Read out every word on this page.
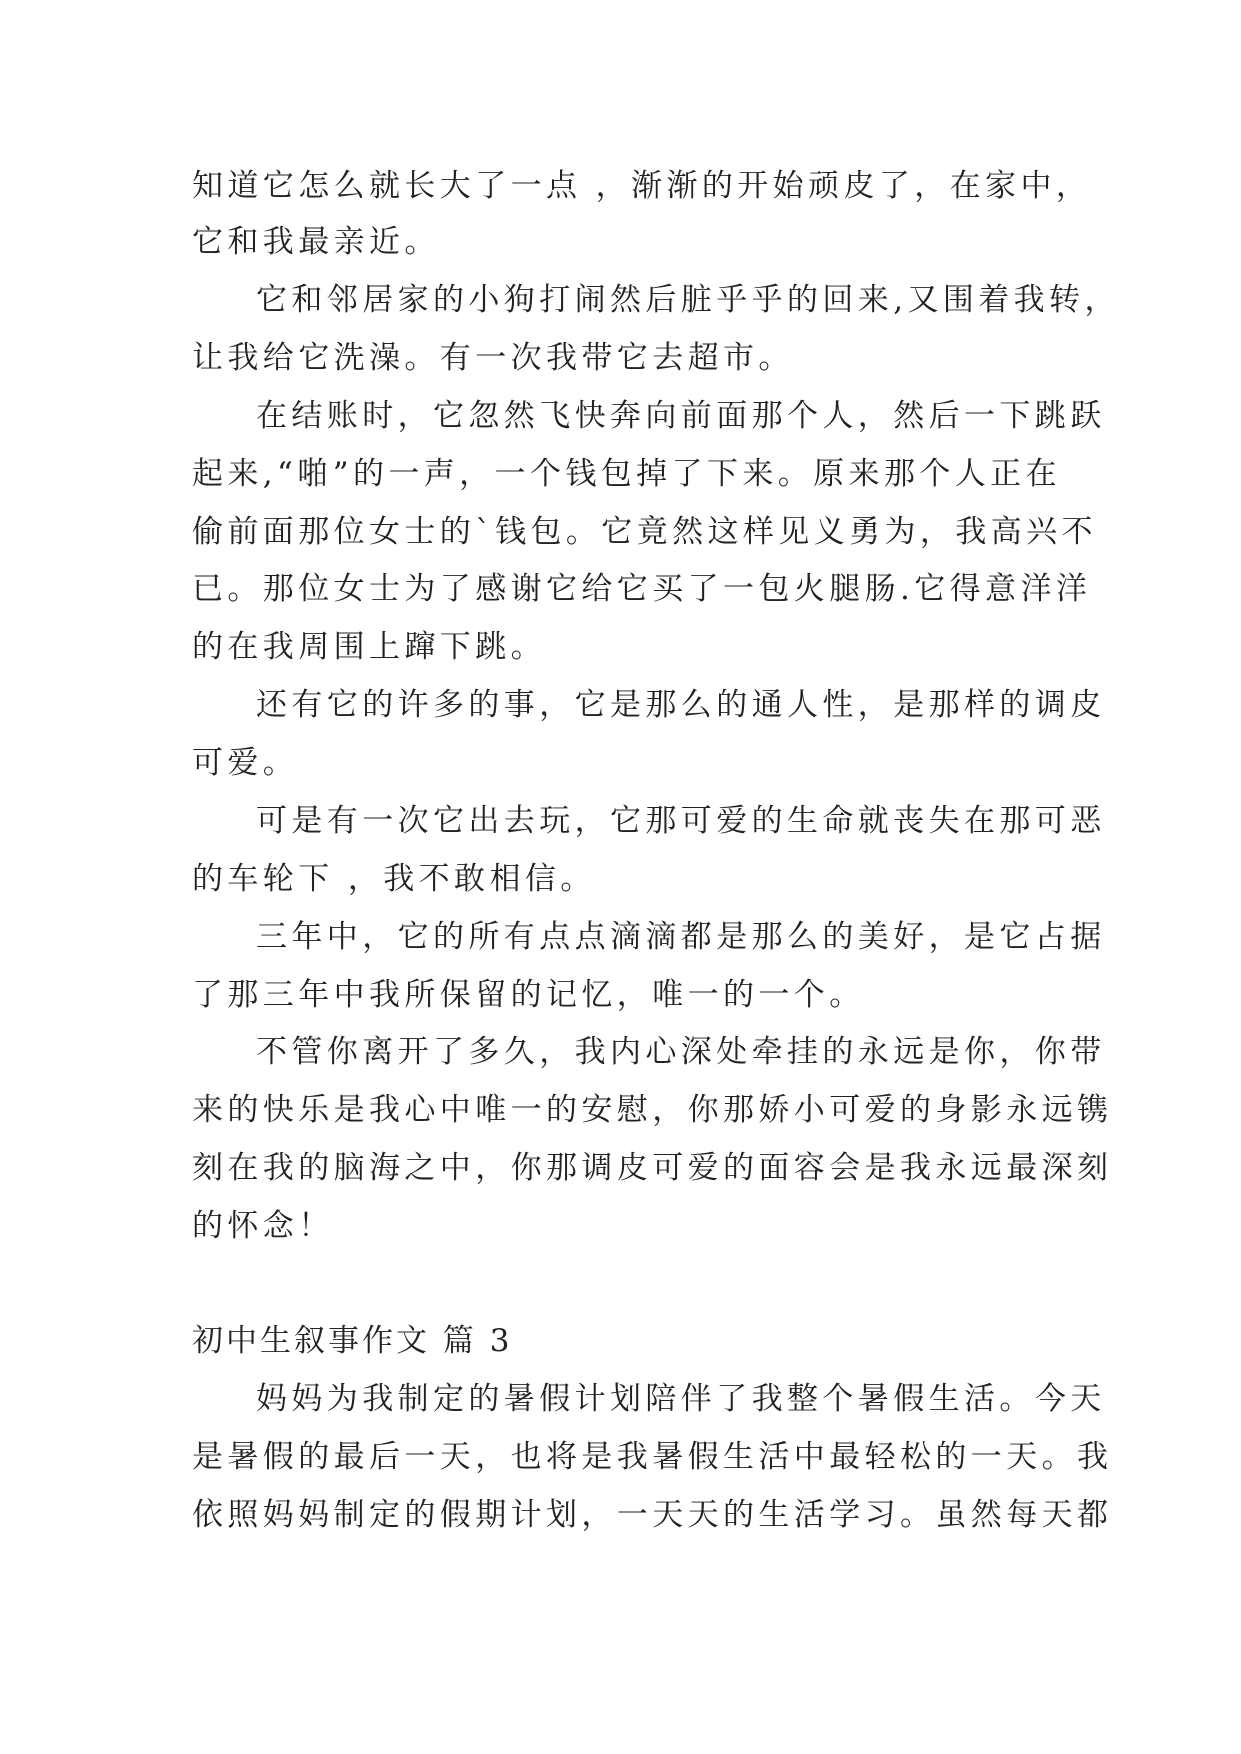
知道它怎么就长大了一点 ，渐渐的开始顽皮了，在家中，
它和我最亲近。
它和邻居家的小狗打闹然后脏乎乎的回来,又围着我转，
让我给它洗澡。有一次我带它去超市。
在结账时，它忽然飞快奔向前面那个人，然后一下跳跃
起来,“啪”的一声，一个钱包掉了下来。原来那个人正在
偷前面那位女士的`钱包。它竟然这样见义勇为，我高兴不
已。那位女士为了感谢它给它买了一包火腿肠.它得意洋洋
的在我周围上蹿下跳。
还有它的许多的事，它是那么的通人性，是那样的调皮
可爱。
可是有一次它出去玩，它那可爱的生命就丧失在那可恶
的车轮下 ，我不敢相信。
三年中，它的所有点点滴滴都是那么的美好，是它占据
了那三年中我所保留的记忆，唯一的一个。
不管你离开了多久，我内心深处牵挂的永远是你，你带
来的快乐是我心中唯一的安慰，你那娇小可爱的身影永远镌
刻在我的脑海之中，你那调皮可爱的面容会是我永远最深刻
的怀念！
初中生叙事作文 篇 3
妈妈为我制定的暑假计划陪伴了我整个暑假生活。今天
是暑假的最后一天，也将是我暑假生活中最轻松的一天。我
依照妈妈制定的假期计划，一天天的生活学习。虽然每天都
